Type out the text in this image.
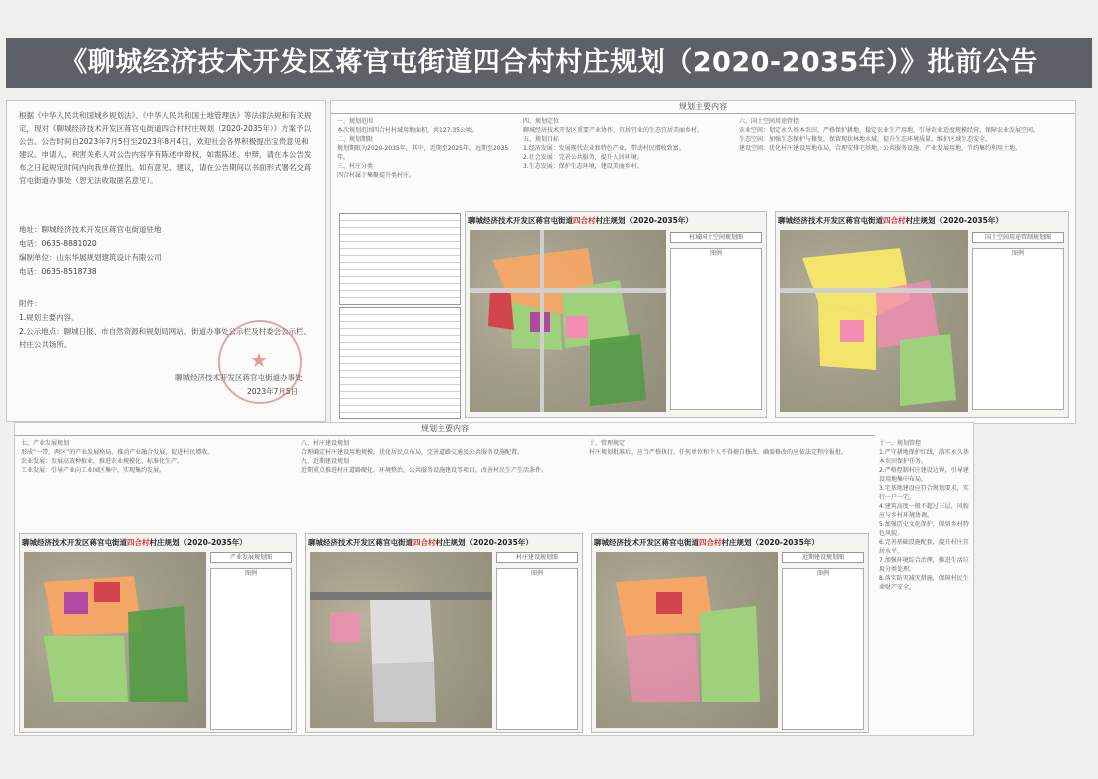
《聊城经济技术开发区蒋官屯街道四合村村庄规划（2020-2035年）》批前公告
根据《中华人民共和国城乡规划法》、《中华人民共和国土地管理法》等法律法规和有关规定，现对《聊城经济技术开发区蒋官屯街道四合村村庄规划（2020-2035年）》方案予以公告。公告时间自2023年7月5日至2023年8月4日，欢迎社会各界积极提出宝贵意见和建议。申请人、利害关系人对公告内容享有陈述申辩权，如需陈述、申辩，请在本公告发布之日起规定时间内向我单位提出。如有意见、建议，请在公告期间以书面形式署名交蒋官屯街道办事处（恕无法收取匿名意见）。
地址：聊城经济技术开发区蒋官屯街道驻地
电话：0635-8881020
编制单位：山东华展规划建筑设计有限公司
电话：0635-8518738
附件：
1.规划主要内容。
2.公示地点：聊城日报、市自然资源和规划局网站、街道办事处公示栏及村委会公示栏、村庄公共场所。
聊城经济技术开发区蒋官屯街道办事处
2023年7月5日
★
规划主要内容
一、规划范围
本次规划范围四合村村域用地面积，共127.35公顷。
二、规划期限
规划期限为2020-2035年，其中，近期至2025年，远期至2035年。
三、村庄分类
四合村属于集聚提升类村庄。
四、规划定位
聊城经济技术开发区重要产业协作、宜居宜业的生态宜居美丽乡村。
五、规划目标
1.经济发展：发展现代农业和特色产业，带动村民增收致富。
2.社会发展：完善公共服务，提升人居环境。
3.生态发展：保护生态环境，建设美丽乡村。
六、国土空间用途管控
农业空间：划定永久基本农田，严格保护耕地，稳定农业生产用地，引导农业适度规模经营，保障农业发展空间。
生态空间：加强生态保护与修复，保留现状林地水域，提升生态环境质量，维护区域生态安全。
建设空间：优化村庄建设用地布局，合理安排宅基地、公共服务设施、产业发展用地，节约集约利用土地。
聊城经济技术开发区蒋官屯街道四合村村庄规划（2020-2035年）
村域国土空间规划图
图例
聊城经济技术开发区蒋官屯街道四合村村庄规划（2020-2035年）
国土空间用途管制规划图
图例
规划主要内容
七、产业发展规划
形成“一带、两区”的产业发展格局，推动产业融合发展，促进村民增收。
农业发展：发展高效种植业，推进农业规模化、标准化生产。
工业发展：引导产业向工业园区集中，实现集约发展。
八、村庄建设规划
合理确定村庄建设用地规模，优化居民点布局，完善道路交通及公共服务设施配置。
九、近期建设规划
近期重点推进村庄道路硬化、环境整治、公共服务设施建设等项目，改善村民生产生活条件。
十、管理规定
村庄规划批准后，应当严格执行，任何单位和个人不得擅自修改，确需修改的应依法定程序报批。
十一、规划管控
1.严守耕地保护红线，落实永久基本农田保护任务。
2.严格控制村庄建设边界，引导建设用地集中布局。
3.宅基地建设应符合规划要求，实行一户一宅。
4.建筑高度一般不超过三层，风貌应与乡村环境协调。
5.加强历史文化保护，保留乡村特色风貌。
6.完善基础设施配套，提升村庄宜居水平。
7.加强环境综合治理，推进生活垃圾分类处理。
8.落实防灾减灾措施，保障村民生命财产安全。
聊城经济技术开发区蒋官屯街道四合村村庄规划（2020-2035年）
产业发展规划图
图例
聊城经济技术开发区蒋官屯街道四合村村庄规划（2020-2035年）
村庄建设规划图
图例
聊城经济技术开发区蒋官屯街道四合村村庄规划（2020-2035年）
近期建设规划图
图例
